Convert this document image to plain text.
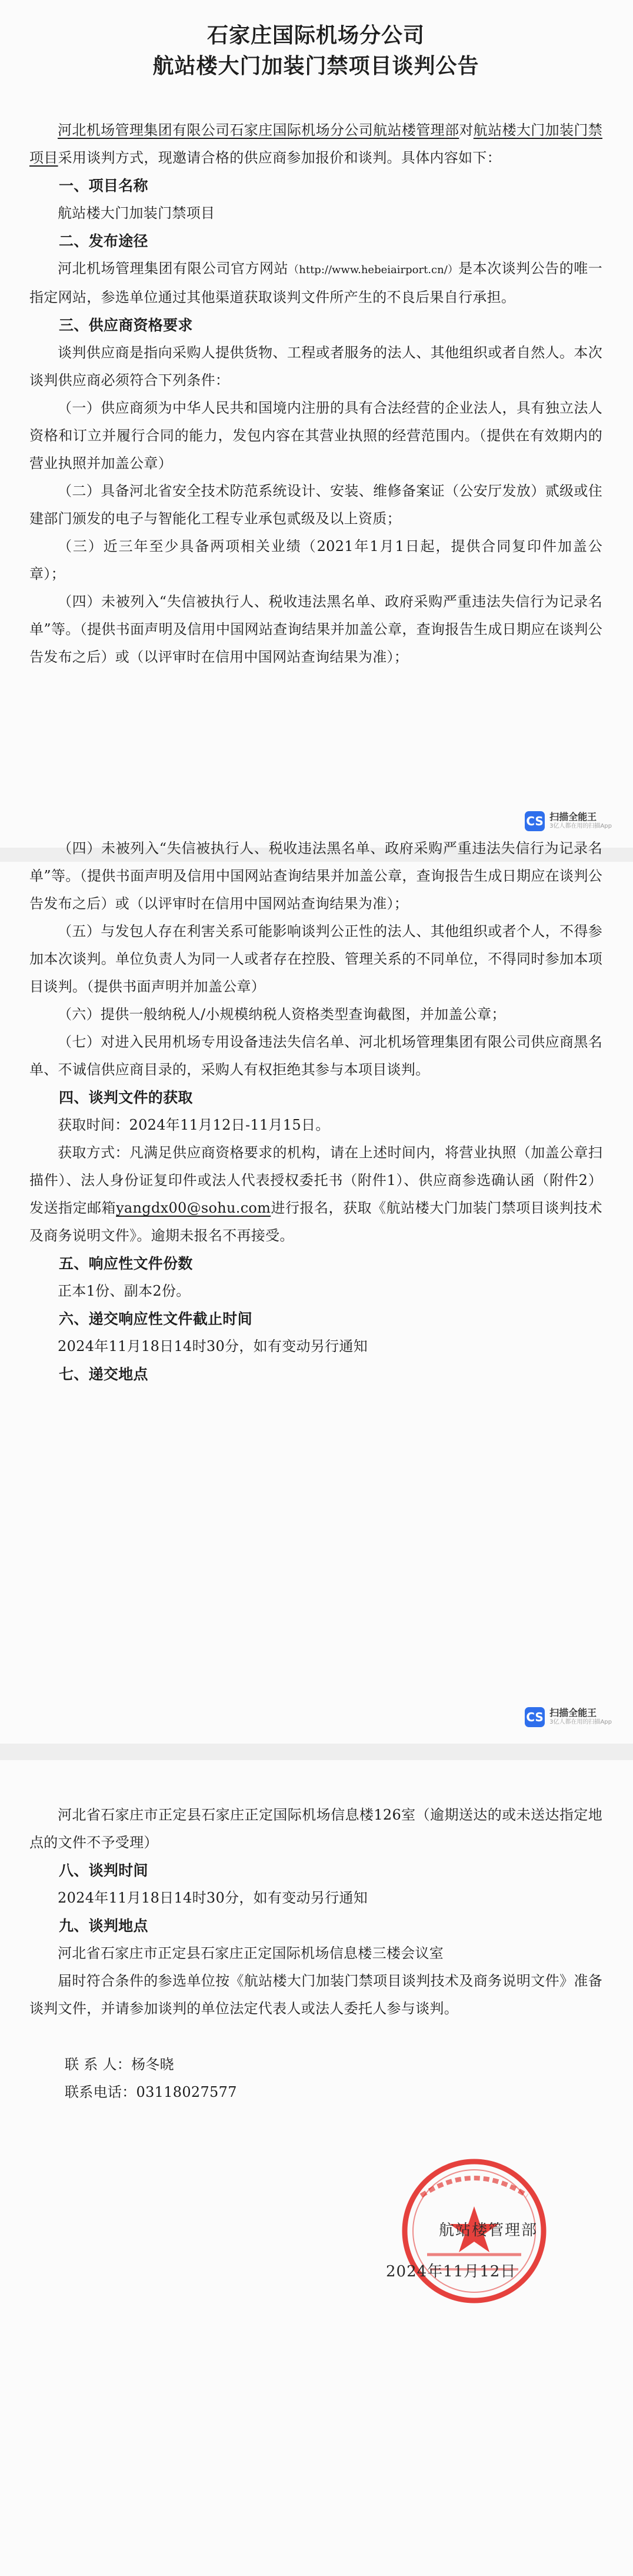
石家庄国际机场分公司
航站楼大门加装门禁项目谈判公告

河北机场管理集团有限公司石家庄国际机场分公司航站楼管理部对航站楼大门加装门禁项目采用谈判方式，现邀请合格的供应商参加报价和谈判。具体内容如下：

一、项目名称

航站楼大门加装门禁项目

二、发布途径

河北机场管理集团有限公司官方网站（http://www.hebeiairport.cn/）是本次谈判公告的唯一指定网站，参选单位通过其他渠道获取谈判文件所产生的不良后果自行承担。

三、供应商资格要求

谈判供应商是指向采购人提供货物、工程或者服务的法人、其他组织或者自然人。本次谈判供应商必须符合下列条件：

（一）供应商须为中华人民共和国境内注册的具有合法经营的企业法人，具有独立法人资格和订立并履行合同的能力，发包内容在其营业执照的经营范围内。（提供在有效期内的营业执照并加盖公章）

（二）具备河北省安全技术防范系统设计、安装、维修备案证（公安厅发放）贰级或住建部门颁发的电子与智能化工程专业承包贰级及以上资质；

（三）近三年至少具备两项相关业绩（2021年1月1日起，提供合同复印件加盖公章）；

（四）未被列入“失信被执行人、税收违法黑名单、政府采购严重违法失信行为记录名单”等。（提供书面声明及信用中国网站查询结果并加盖公章，查询报告生成日期应在谈判公告发布之后）或（以评审时在信用中国网站查询结果为准）；

CS 扫描全能王
3亿人都在用的扫描App

（四）未被列入“失信被执行人、税收违法黑名单、政府采购严重违法失信行为记录名单”等。（提供书面声明及信用中国网站查询结果并加盖公章，查询报告生成日期应在谈判公告发布之后）或（以评审时在信用中国网站查询结果为准）；

（五）与发包人存在利害关系可能影响谈判公正性的法人、其他组织或者个人，不得参加本次谈判。单位负责人为同一人或者存在控股、管理关系的不同单位，不得同时参加本项目谈判。（提供书面声明并加盖公章）

（六）提供一般纳税人/小规模纳税人资格类型查询截图，并加盖公章；

（七）对进入民用机场专用设备违法失信名单、河北机场管理集团有限公司供应商黑名单、不诚信供应商目录的，采购人有权拒绝其参与本项目谈判。

四、谈判文件的获取

获取时间：2024年11月12日-11月15日。

获取方式：凡满足供应商资格要求的机构，请在上述时间内，将营业执照（加盖公章扫描件）、法人身份证复印件或法人代表授权委托书（附件1）、供应商参选确认函（附件2）发送指定邮箱yangdx00@sohu.com进行报名，获取《航站楼大门加装门禁项目谈判技术及商务说明文件》。逾期未报名不再接受。

五、响应性文件份数

正本1份、副本2份。

六、递交响应性文件截止时间

2024年11月18日14时30分，如有变动另行通知

七、递交地点

CS 扫描全能王
3亿人都在用的扫描App

河北省石家庄市正定县石家庄正定国际机场信息楼126室（逾期送达的或未送达指定地点的文件不予受理）

八、谈判时间

2024年11月18日14时30分，如有变动另行通知

九、谈判地点

河北省石家庄市正定县石家庄正定国际机场信息楼三楼会议室

届时符合条件的参选单位按《航站楼大门加装门禁项目谈判技术及商务说明文件》准备谈判文件，并请参加谈判的单位法定代表人或法人委托人参与谈判。

联 系 人：杨冬晓

联系电话：03118027577

航站楼管理部
2024年11月12日
